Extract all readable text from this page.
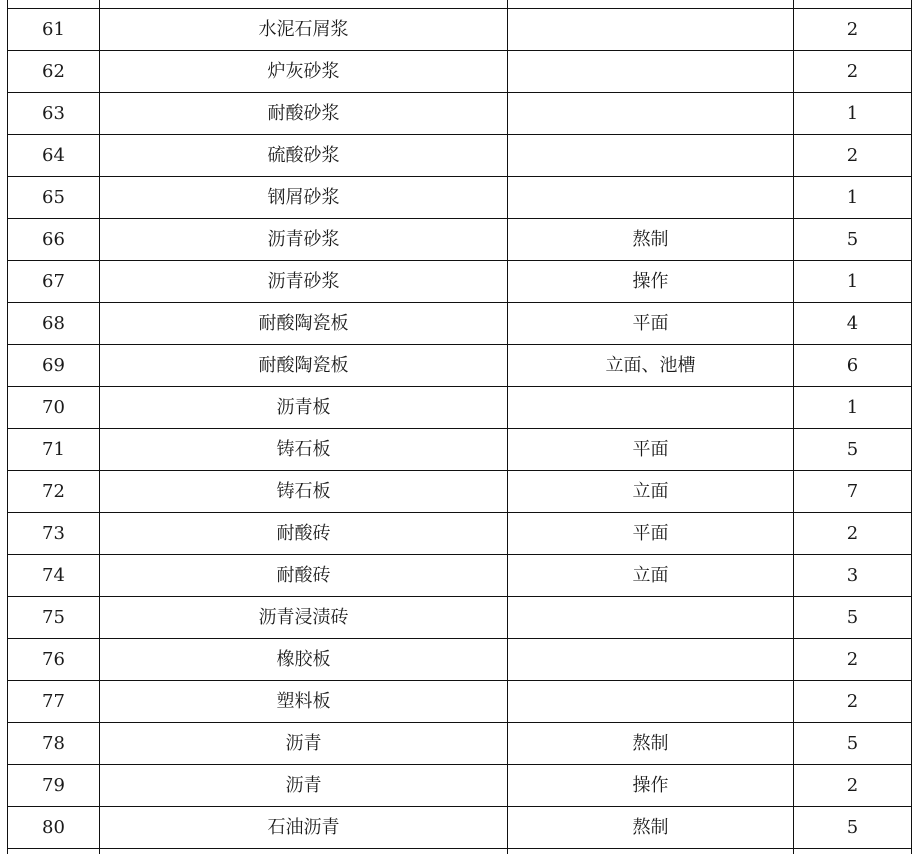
61	水泥石屑浆		2
62	炉灰砂浆		2
63	耐酸砂浆		1
64	硫酸砂浆		2
65	钢屑砂浆		1
66	沥青砂浆	熬制	5
67	沥青砂浆	操作	1
68	耐酸陶瓷板	平面	4
69	耐酸陶瓷板	立面、池槽	6
70	沥青板		1
71	铸石板	平面	5
72	铸石板	立面	7
73	耐酸砖	平面	2
74	耐酸砖	立面	3
75	沥青浸渍砖		5
76	橡胶板		2
77	塑料板		2
78	沥青	熬制	5
79	沥青	操作	2
80	石油沥青	熬制	5
